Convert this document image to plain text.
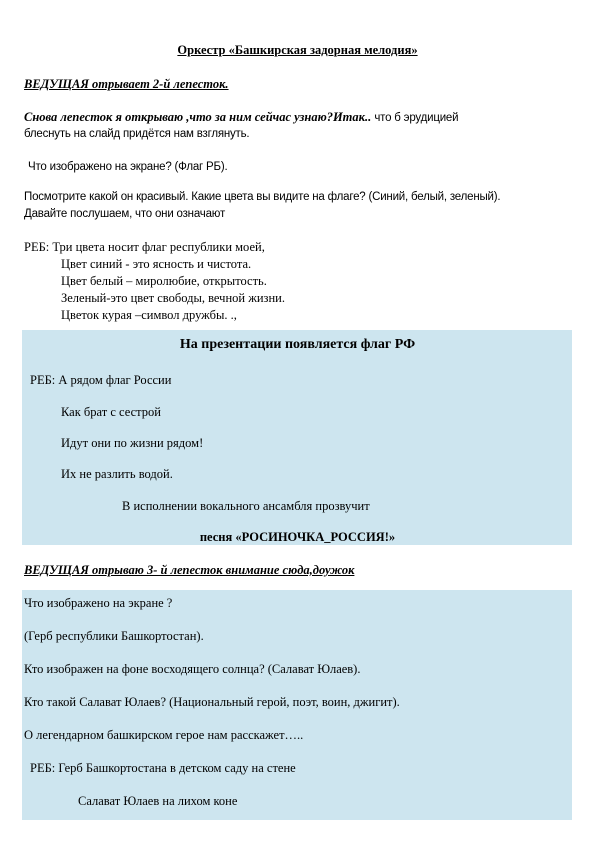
Оркестр «Башкирская задорная мелодия»
ВЕДУЩАЯ отрывает 2-й лепесток.
Снова лепесток я открываю ,что за ним сейчас узнаю?Итак.. что б эрудицией
блеснуть на слайд придётся нам взглянуть.
Что изображено на экране? (Флаг РБ).
Посмотрите какой он красивый. Какие цвета вы видите на флаге? (Синий, белый, зеленый).
Давайте послушаем, что они означают
РЕБ: Три цвета носит флаг республики моей,
Цвет синий - это ясность и чистота.
Цвет белый – миролюбие, открытость.
Зеленый-это цвет свободы, вечной жизни.
Цветок курая –символ дружбы. .,
На презентации появляется флаг РФ
РЕБ: А рядом флаг России
Как брат с сестрой
Идут они по жизни рядом!
Их не разлить водой.
В исполнении вокального ансамбля прозвучит
песня «РОСИНОЧКА_РОССИЯ!»
ВЕДУЩАЯ отрываю 3- й лепесток внимание сюда,доужок
Что изображено на экране ?
(Герб республики Башкортостан).
Кто изображен на фоне восходящего солнца? (Салават Юлаев).
Кто такой Салават Юлаев? (Национальный герой, поэт, воин, джигит).
О легендарном башкирском герое нам расскажет…..
РЕБ: Герб Башкортостана в детском саду на стене
Салават Юлаев на лихом коне
